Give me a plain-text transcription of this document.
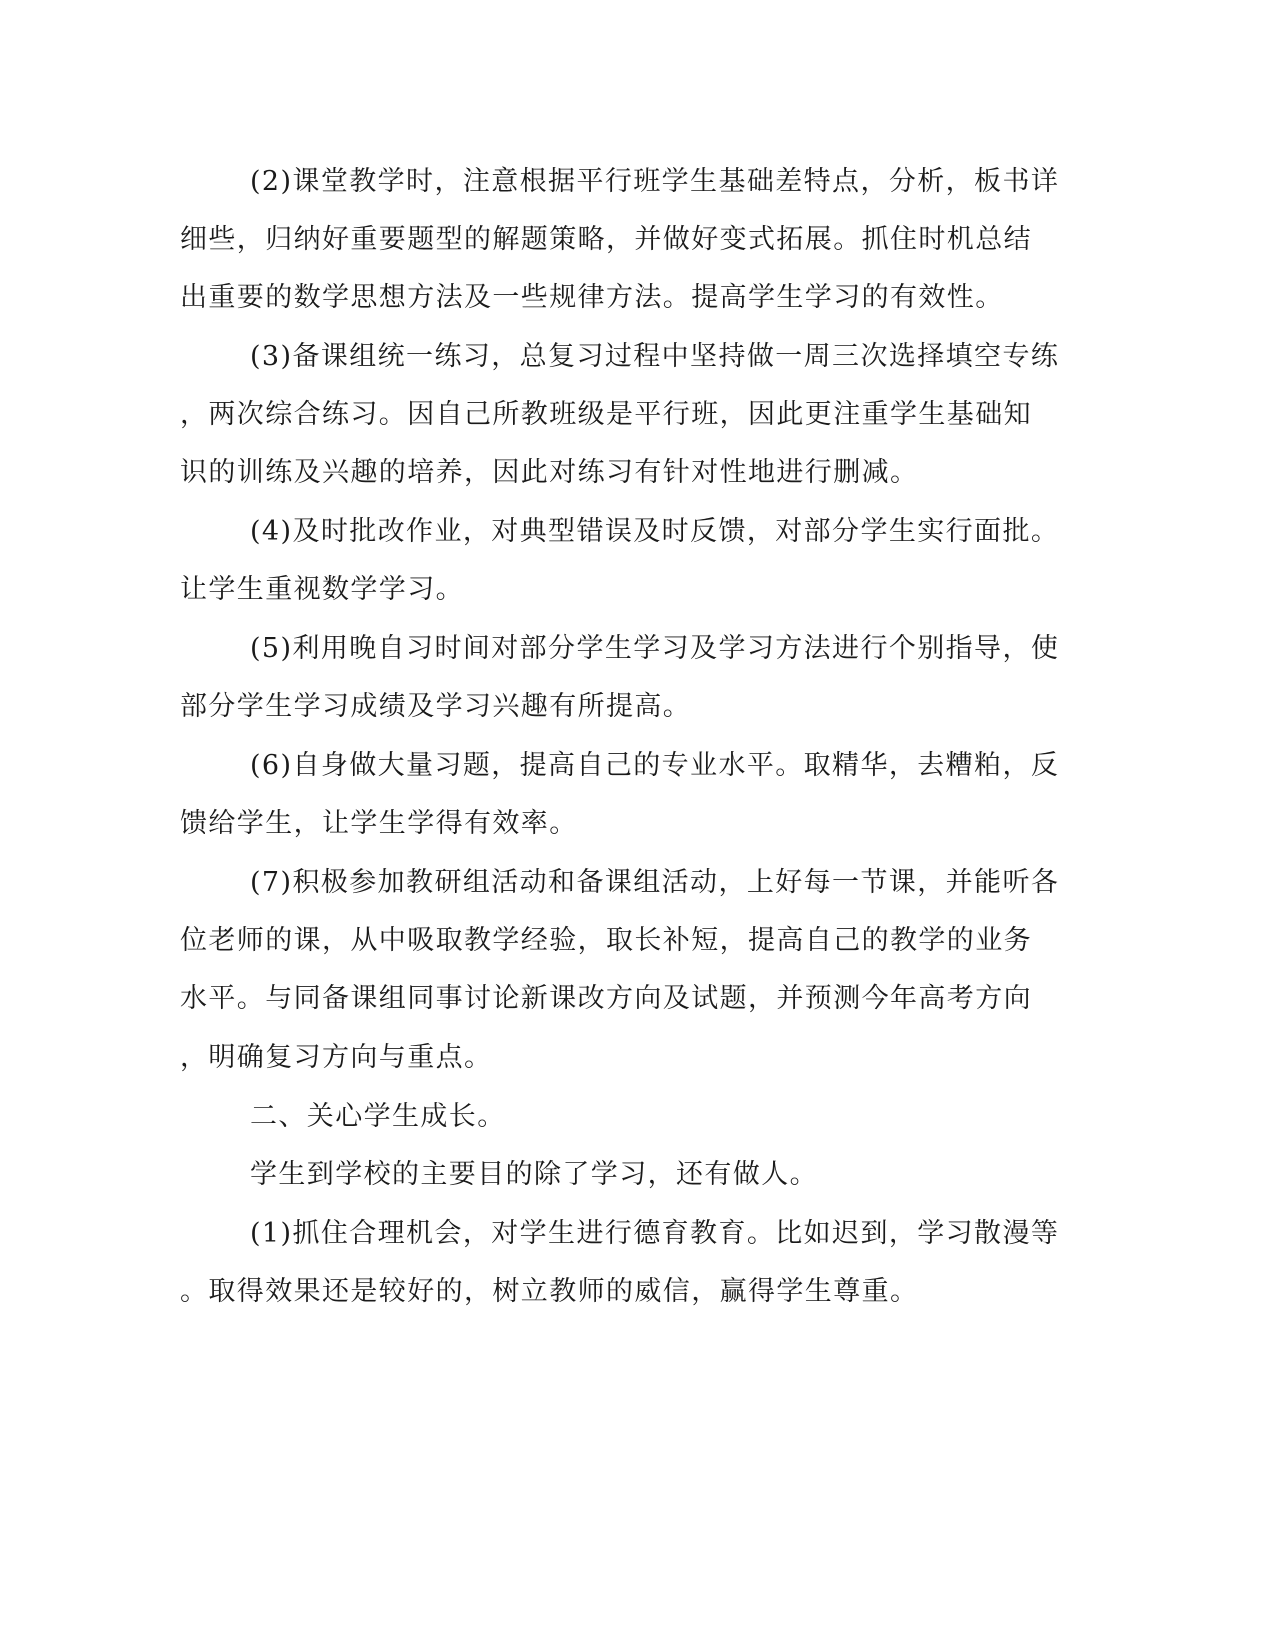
(2)课堂教学时，注意根据平行班学生基础差特点，分析，板书详
细些，归纳好重要题型的解题策略，并做好变式拓展。抓住时机总结
出重要的数学思想方法及一些规律方法。提高学生学习的有效性。
(3)备课组统一练习，总复习过程中坚持做一周三次选择填空专练
，两次综合练习。因自己所教班级是平行班，因此更注重学生基础知
识的训练及兴趣的培养，因此对练习有针对性地进行删减。
(4)及时批改作业，对典型错误及时反馈，对部分学生实行面批。
让学生重视数学学习。
(5)利用晚自习时间对部分学生学习及学习方法进行个别指导，使
部分学生学习成绩及学习兴趣有所提高。
(6)自身做大量习题，提高自己的专业水平。取精华，去糟粕，反
馈给学生，让学生学得有效率。
(7)积极参加教研组活动和备课组活动，上好每一节课，并能听各
位老师的课，从中吸取教学经验，取长补短，提高自己的教学的业务
水平。与同备课组同事讨论新课改方向及试题，并预测今年高考方向
，明确复习方向与重点。
二、关心学生成长。
学生到学校的主要目的除了学习，还有做人。
(1)抓住合理机会，对学生进行德育教育。比如迟到，学习散漫等
。取得效果还是较好的，树立教师的威信，赢得学生尊重。
